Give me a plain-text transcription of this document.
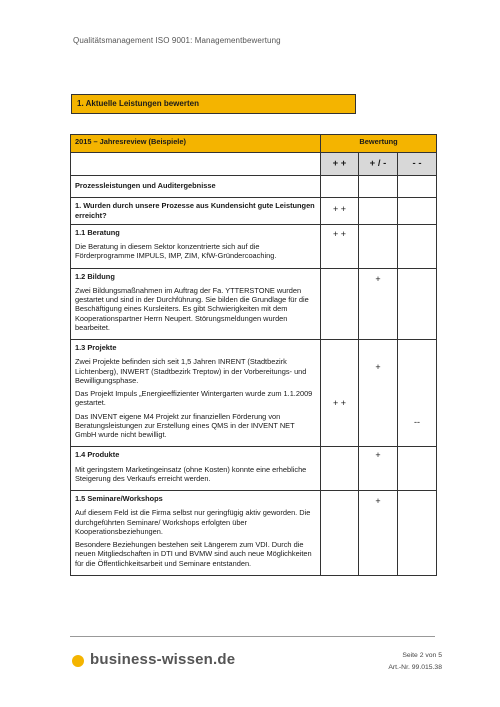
Qualitätsmanagement ISO 9001: Managementbewertung
1. Aktuelle Leistungen bewerten
2015 – Jahresreview (Beispiele)	Bewertung		
	+ +	+ / -	- -
Prozessleistungen und Auditergebnisse			
1. Wurden durch unsere Prozesse aus Kundensicht gute Leistungen erreicht?	+ +		

1.1 Beratung
Die Beratung in diesem Sektor konzentrierte sich auf die Förderprogramme IMPULS, IMP, ZIM, KfW-Gründercoaching.	+ +		

1.2 Bildung
Zwei Bildungsmaßnahmen im Auftrag der Fa. YTTERSTONE wurden gestartet und sind in der Durchführung. Sie bilden die Grundlage für die Beschäftigung eines Kursleiters. Es gibt Schwierigkeiten mit dem Kooperationspartner Herrn Neupert. Störungsmeldungen wurden bearbeitet.		+	

1.3 Projekte
Zwei Projekte befinden sich seit 1,5 Jahren INRENT (Stadtbezirk Lichtenberg), INWERT (Stadtbezirk Treptow) in der Vorbereitungs- und Bewilligungsphase.
Das Projekt Impuls „Energieeffizienter Wintergarten wurde zum 1.1.2009 gestartet.
Das INVENT eigene M4 Projekt zur finanziellen Förderung von Beratungsleistungen zur Erstellung eines QMS in der INVENT NET GmbH wurde nicht bewilligt.	+ +	+	--

1.4 Produkte
Mit geringstem Marketingeinsatz (ohne Kosten) konnte eine erhebliche Steigerung des Verkaufs erreicht werden.		+	

1.5 Seminare/Workshops
Auf diesem Feld ist die Firma selbst nur geringfügig aktiv geworden. Die durchgeführten Seminare/ Workshops erfolgten über Kooperationsbeziehungen.
Besondere Beziehungen bestehen seit Längerem zum VDI. Durch die neuen Mitgliedschaften in DTI und BVMW sind auch neue Möglichkeiten für die Öffentlichkeitsarbeit und Seminare entstanden.		+	
business-wissen.de	Seite 2 von 5
Art.-Nr. 99.015.38
